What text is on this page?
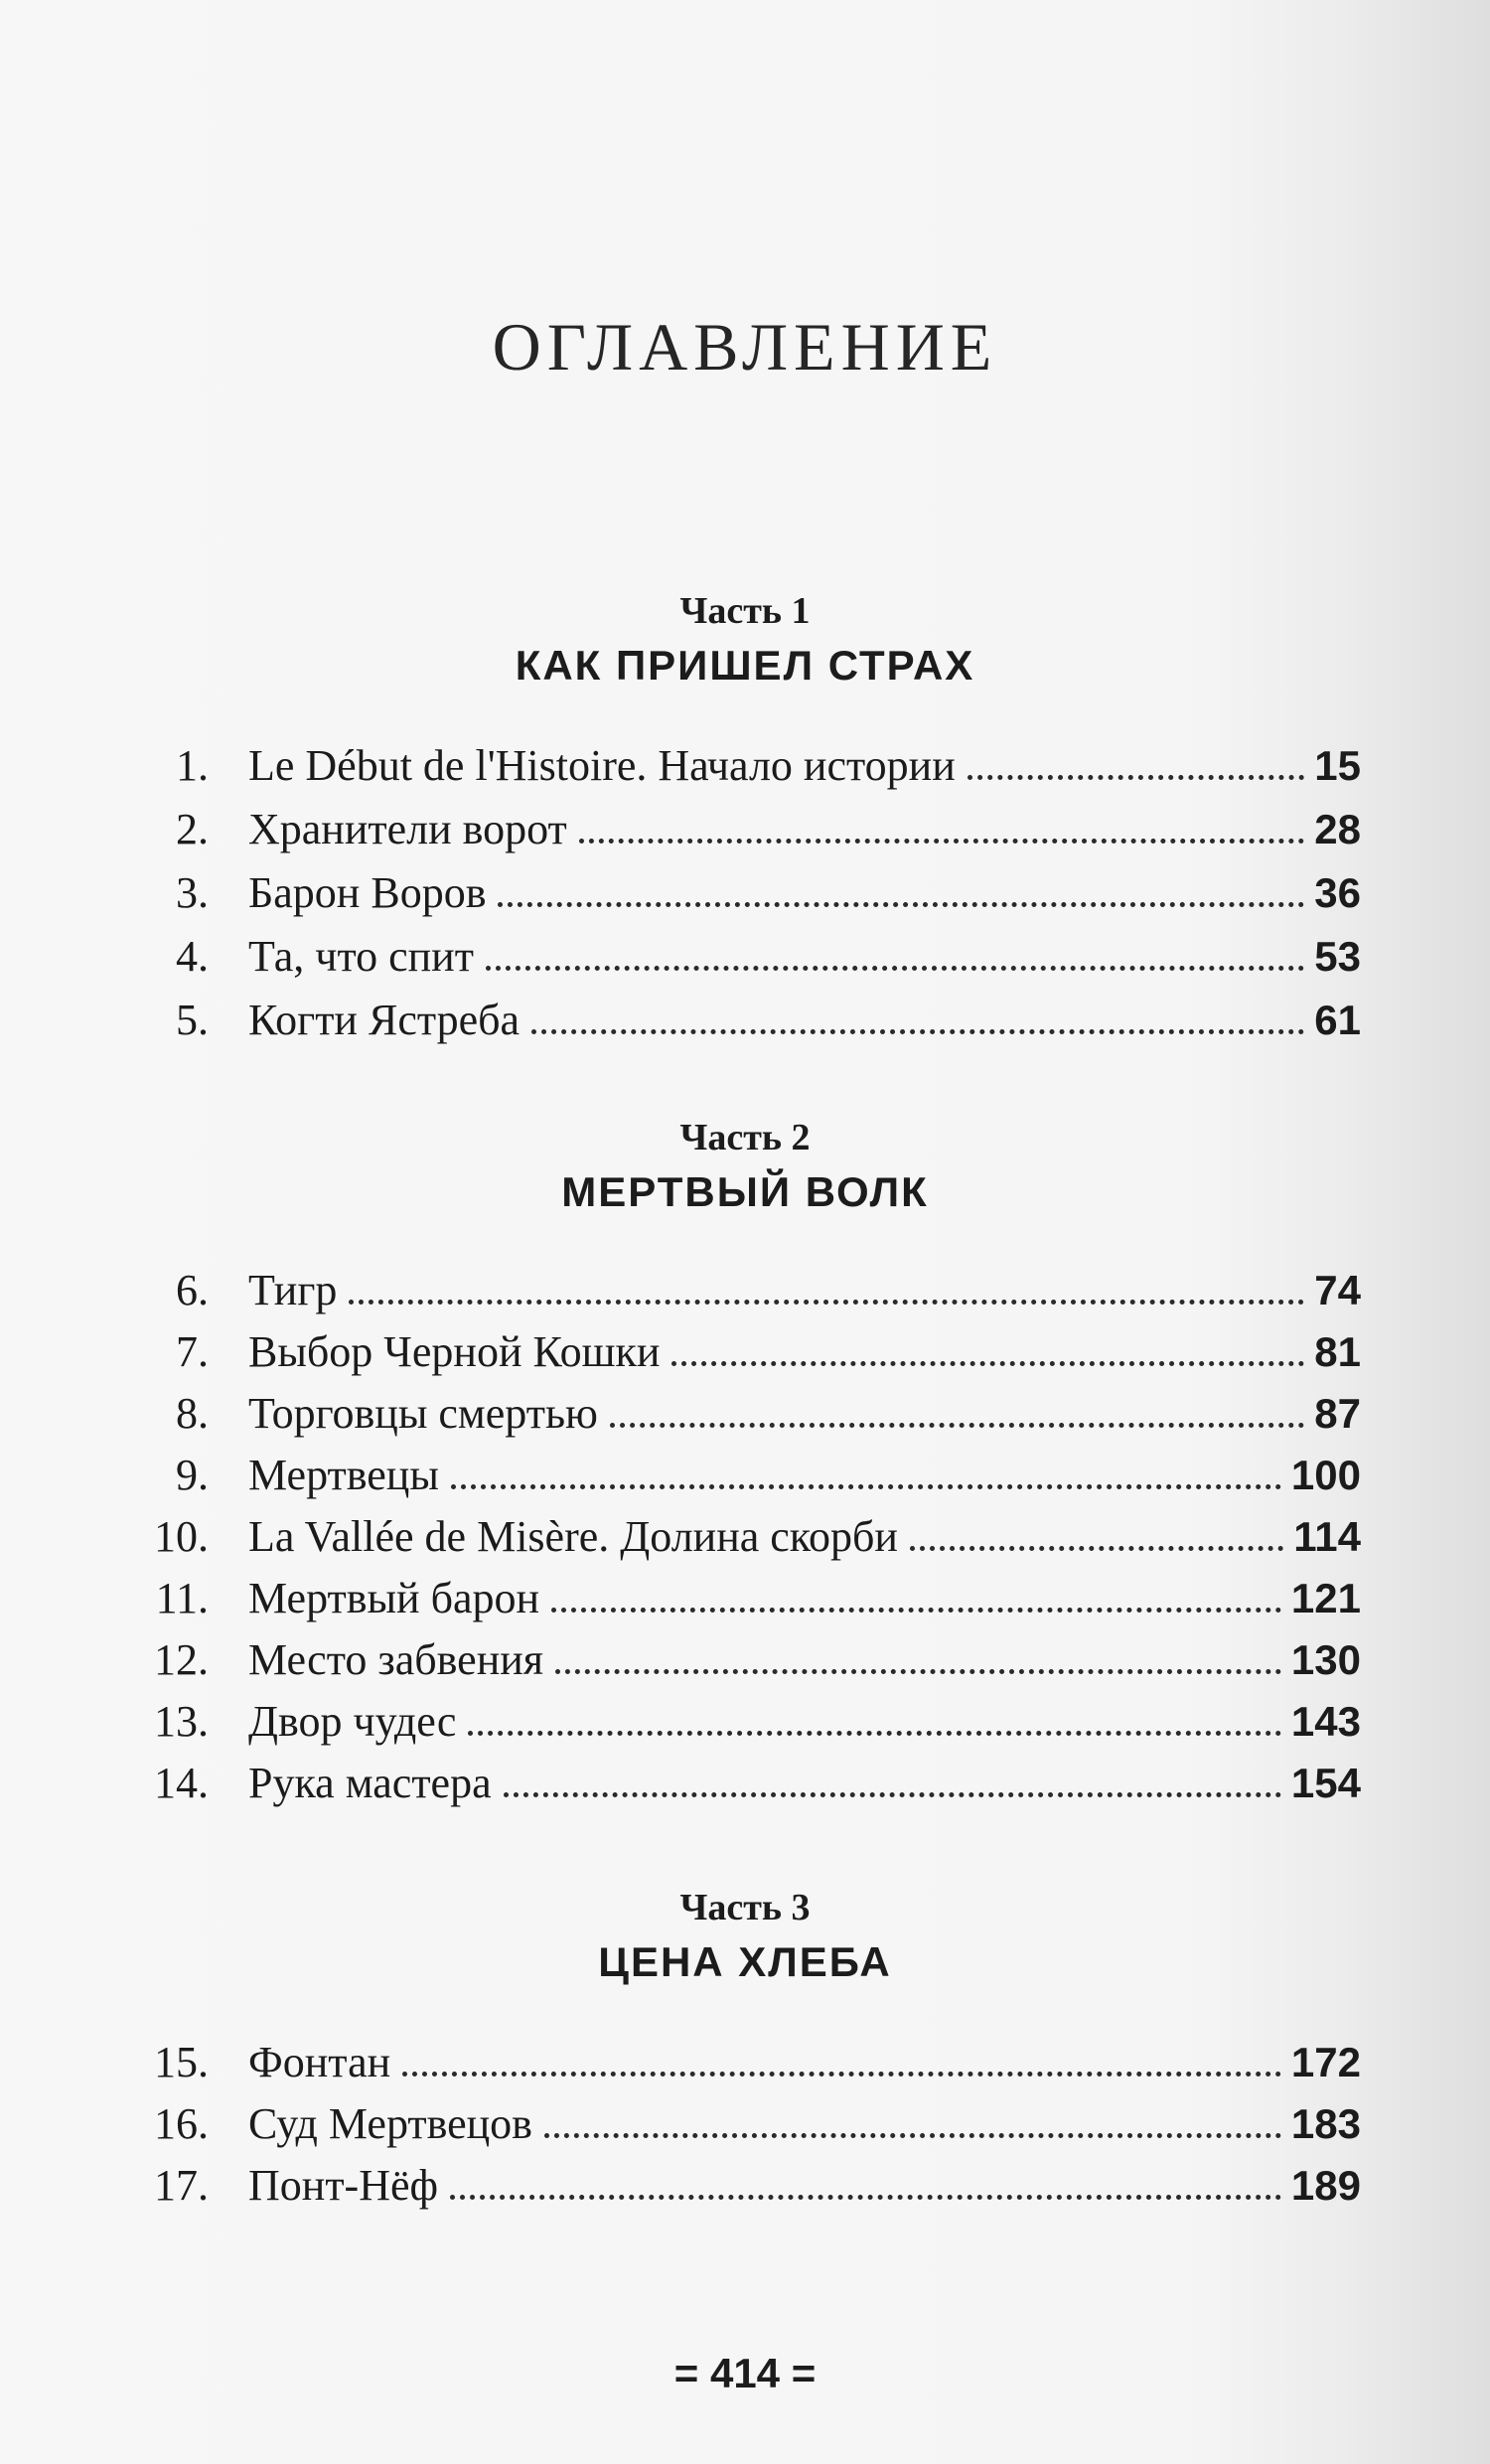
ОГЛАВЛЕНИЕ
Часть 1
КАК ПРИШЕЛ СТРАХ
1. Le Début de l'Histoire. Начало истории	15
2. Хранители ворот	28
3. Барон Воров	36
4. Та, что спит	53
5. Когти Ястреба	61
Часть 2
МЕРТВЫЙ ВОЛК
6. Тигр	74
7. Выбор Черной Кошки	81
8. Торговцы смертью	87
9. Мертвецы	100
10. La Vallée de Misère. Долина скорби	114
11. Мертвый барон	121
12. Место забвения	130
13. Двор чудес	143
14. Рука мастера	154
Часть 3
ЦЕНА ХЛЕБА
15. Фонтан	172
16. Суд Мертвецов	183
17. Понт-Нёф	189
= 414 =
